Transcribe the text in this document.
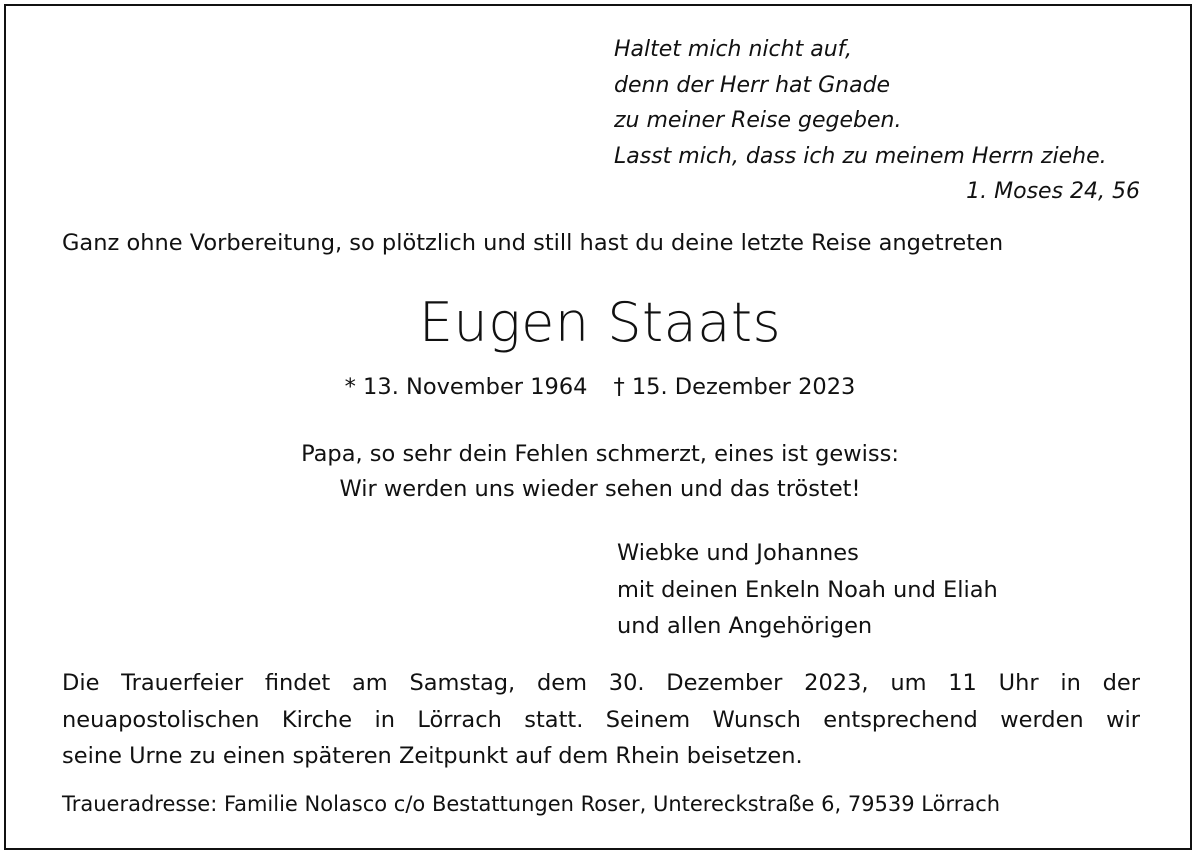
Haltet mich nicht auf,
denn der Herr hat Gnade
zu meiner Reise gegeben.
Lasst mich, dass ich zu meinem Herrn ziehe.
1. Moses 24, 56
Ganz ohne Vorbereitung, so plötzlich und still hast du deine letzte Reise angetreten
Eugen Staats
* 13. November 1964 † 15. Dezember 2023
Papa, so sehr dein Fehlen schmerzt, eines ist gewiss:
Wir werden uns wieder sehen und das tröstet!
Wiebke und Johannes
mit deinen Enkeln Noah und Eliah
und allen Angehörigen
Die Trauerfeier findet am Samstag, dem 30. Dezember 2023, um 11 Uhr in der
neuapostolischen Kirche in Lörrach statt. Seinem Wunsch entsprechend werden wir
seine Urne zu einen späteren Zeitpunkt auf dem Rhein beisetzen.
Traueradresse: Familie Nolasco c/o Bestattungen Roser, Untereckstraße 6, 79539 Lörrach
